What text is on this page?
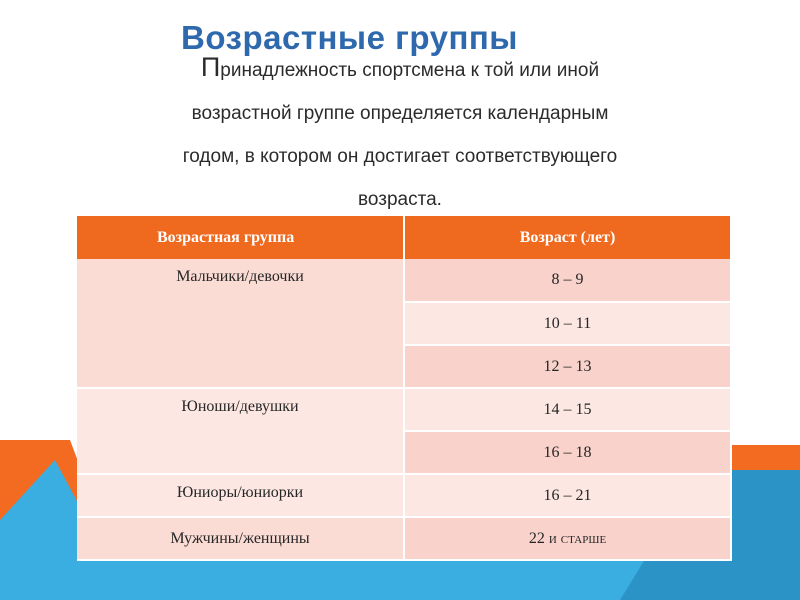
Возрастные группы

Принадлежность спортсмена к той или иной
возрастной группе определяется календарным
годом, в котором он достигает соответствующего
возраста.

Возрастная группа	Возраст (лет)
Мальчики/девочки	8 – 9
	10 – 11
	12 – 13
Юноши/девушки	14 – 15
	16 – 18
Юниоры/юниорки	16 – 21
Мужчины/женщины	22 и старше
